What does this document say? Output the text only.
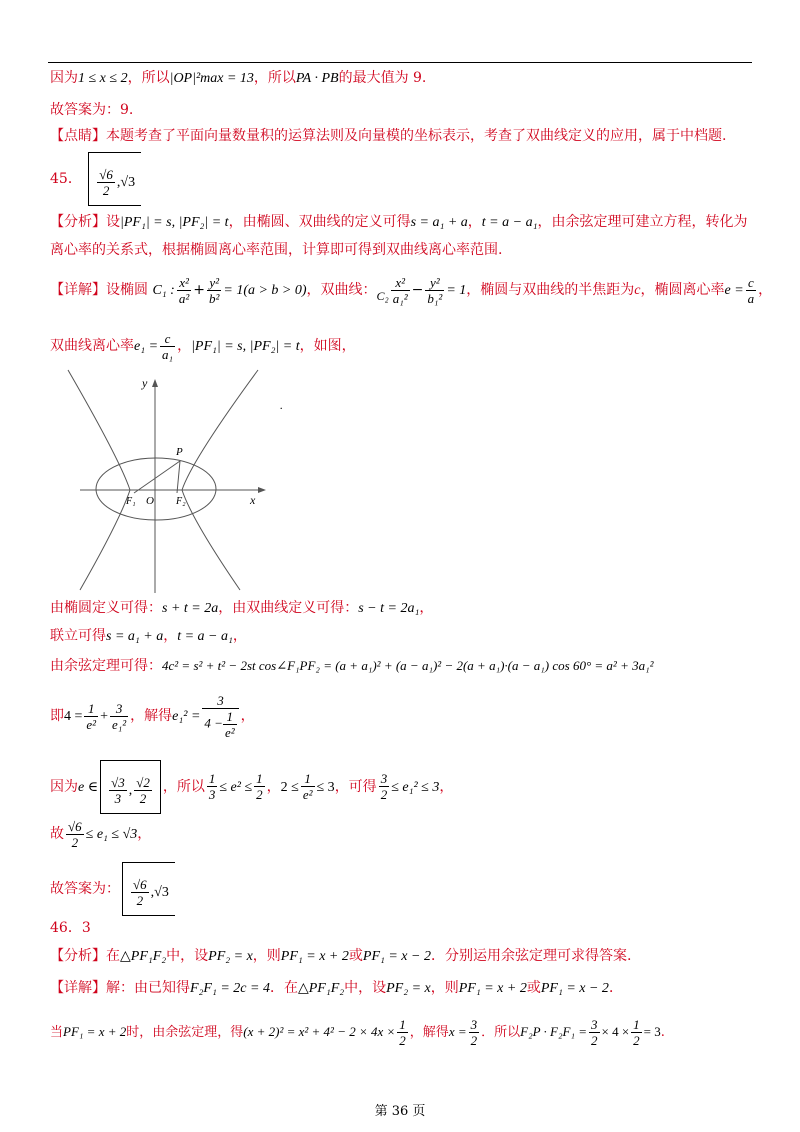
因为1 ≤ x ≤ 2，所以|OP|²max = 13，所以PA · PB的最大值为 9.
故答案为：9.
【点睛】本题考查了平面向量数量积的运算法则及向量模的坐标表示，考查了双曲线定义的应用，属于中档题.
45． $\frac{√6}{2} ,√3$
【分析】设|PF₁| = s, |PF₂| = t，由椭圆、双曲线的定义可得s = a₁ + a，t = a − a₁，由余弦定理可建立方程，转化为
离心率的关系式，根据椭圆离心率范围，计算即可得到双曲线离心率范围.
【详解】设椭圆 C₁ : $\frac{\text{x²}}{\text{a²}} + \frac{\text{y²}}{\text{b²}} = 1(a > b > 0)$，双曲线：$C_2 \frac{\text{x²}}{\text{a₁²}} - \frac{\text{y²}}{\text{b₁²}} = 1$，椭圆与双曲线的半焦距为c，椭圆离心率$e = \frac{c}{a}$ ，
双曲线离心率$e_1 = \frac{c}{\text{a₁}}$ ，|PF₁| = s, |PF₂| = t，如图，
y
x
P
O
F₁	F₂
.
由椭圆定义可得：s + t = 2a，由双曲线定义可得：s − t = 2a₁，
联立可得s = a₁ + a，t = a − a₁，
由余弦定理可得：4c² = s² + t² − 2st cos∠F₁PF₂ = (a + a₁)² + (a − a₁)² − 2(a + a₁)·(a − a₁) cos 60° = a² + 3a₁²
即$4 = \frac{1}{\text{e²}} + \frac{3}{\text{e₁²}}$ ，解得$e_1^2 = \frac{3}{4 - \frac{1}{\text{e²}}}$ ，
因为e ∈ $\frac{√3}{3}$ , $\frac{√2}{2}$ ，所以 $\frac{1}{3} \le e^2 \le \frac{1}{2}$ ，$2 \le \frac{1}{\text{e²}} \le 3$，可得 $\frac{3}{2} \le e_1^2 \le 3$，
故 $\frac{√6}{2} \le e_1 \le √3$，
故答案为： $\frac{√6}{2} ,√3$
46．3
【分析】在△PF₁F₂中，设PF₂ = x，则PF₁ = x + 2或PF₁ = x − 2．分别运用余弦定理可求得答案.
【详解】解：由已知得F₂F₁ = 2c = 4．在△PF₁F₂中，设PF₂ = x，则PF₁ = x + 2或PF₁ = x − 2．
当PF₁ = x + 2时，由余弦定理，得$(x + 2)^2 = x^2 + 4^2 - 2 \times 4x \times \frac{1}{2}$ ，解得$x = \frac{3}{2}$ ．所以$F_2P \cdot F_2F_1 = \frac{3}{2} \times 4 \times \frac{1}{2} = 3$.
第 36 页
